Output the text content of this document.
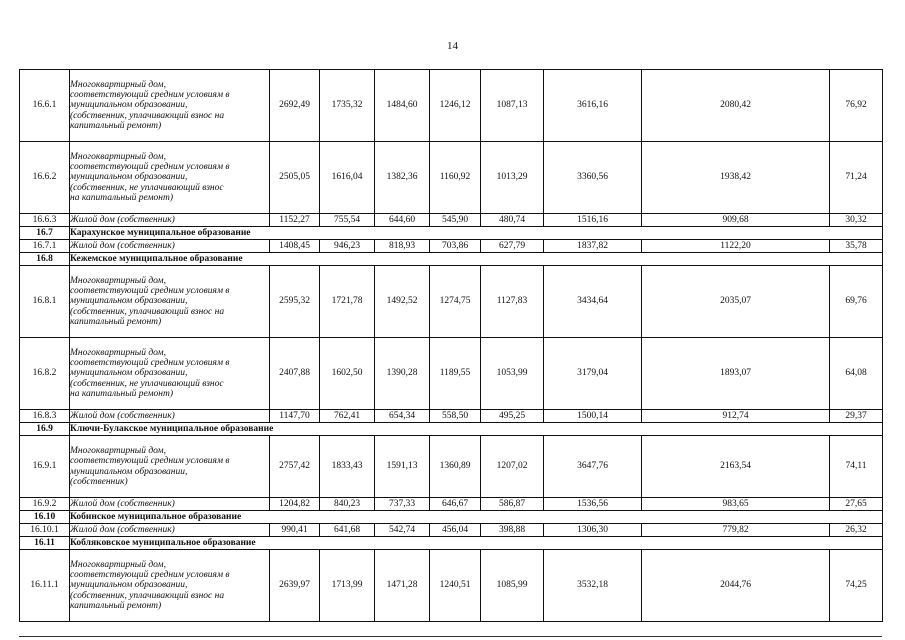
14
16.6.1	Многоквартирный дом,
соответствующий средним условиям в
муниципальном образовании,
(собственник, уплачивающий взнос на
капитальный ремонт)	2692,49	1735,32	1484,60	1246,12	1087,13	3616,16	2080,42	76,92
16.6.2	Многоквартирный дом,
соответствующий средним условиям в
муниципальном образовании,
(собственник, не уплачивающий взнос
на капитальный ремонт)	2505,05	1616,04	1382,36	1160,92	1013,29	3360,56	1938,42	71,24
16.6.3	Жилой дом (собственник)	1152,27	755,54	644,60	545,90	480,74	1516,16	909,68	30,32
16.7	Карахунское муниципальное образование								
16.7.1	Жилой дом (собственник)	1408,45	946,23	818,93	703,86	627,79	1837,82	1122,20	35,78
16.8	Кежемское муниципальное образование								
16.8.1	Многоквартирный дом,
соответствующий средним условиям в
муниципальном образовании,
(собственник, уплачивающий взнос на
капитальный ремонт)	2595,32	1721,78	1492,52	1274,75	1127,83	3434,64	2035,07	69,76
16.8.2	Многоквартирный дом,
соответствующий средним условиям в
муниципальном образовании,
(собственник, не уплачивающий взнос
на капитальный ремонт)	2407,88	1602,50	1390,28	1189,55	1053,99	3179,04	1893,07	64,08
16.8.3	Жилой дом (собственник)	1147,70	762,41	654,34	558,50	495,25	1500,14	912,74	29,37
16.9	Ключи-Булакское муниципальное образование								
16.9.1	Многоквартирный дом,
соответствующий средним условиям в
муниципальном образовании,
(собственник)	2757,42	1833,43	1591,13	1360,89	1207,02	3647,76	2163,54	74,11
16.9.2	Жилой дом (собственник)	1204,82	840,23	737,33	646,67	586,87	1536,56	983,65	27,65
16.10	Кобинское муниципальное образование								
16.10.1	Жилой дом (собственник)	990,41	641,68	542,74	456,04	398,88	1306,30	779,82	26,32
16.11	Кобляковское муниципальное образование								
16.11.1	Многоквартирный дом,
соответствующий средним условиям в
муниципальном образовании,
(собственник, уплачивающий взнос на
капитальный ремонт)	2639,97	1713,99	1471,28	1240,51	1085,99	3532,18	2044,76	74,25
